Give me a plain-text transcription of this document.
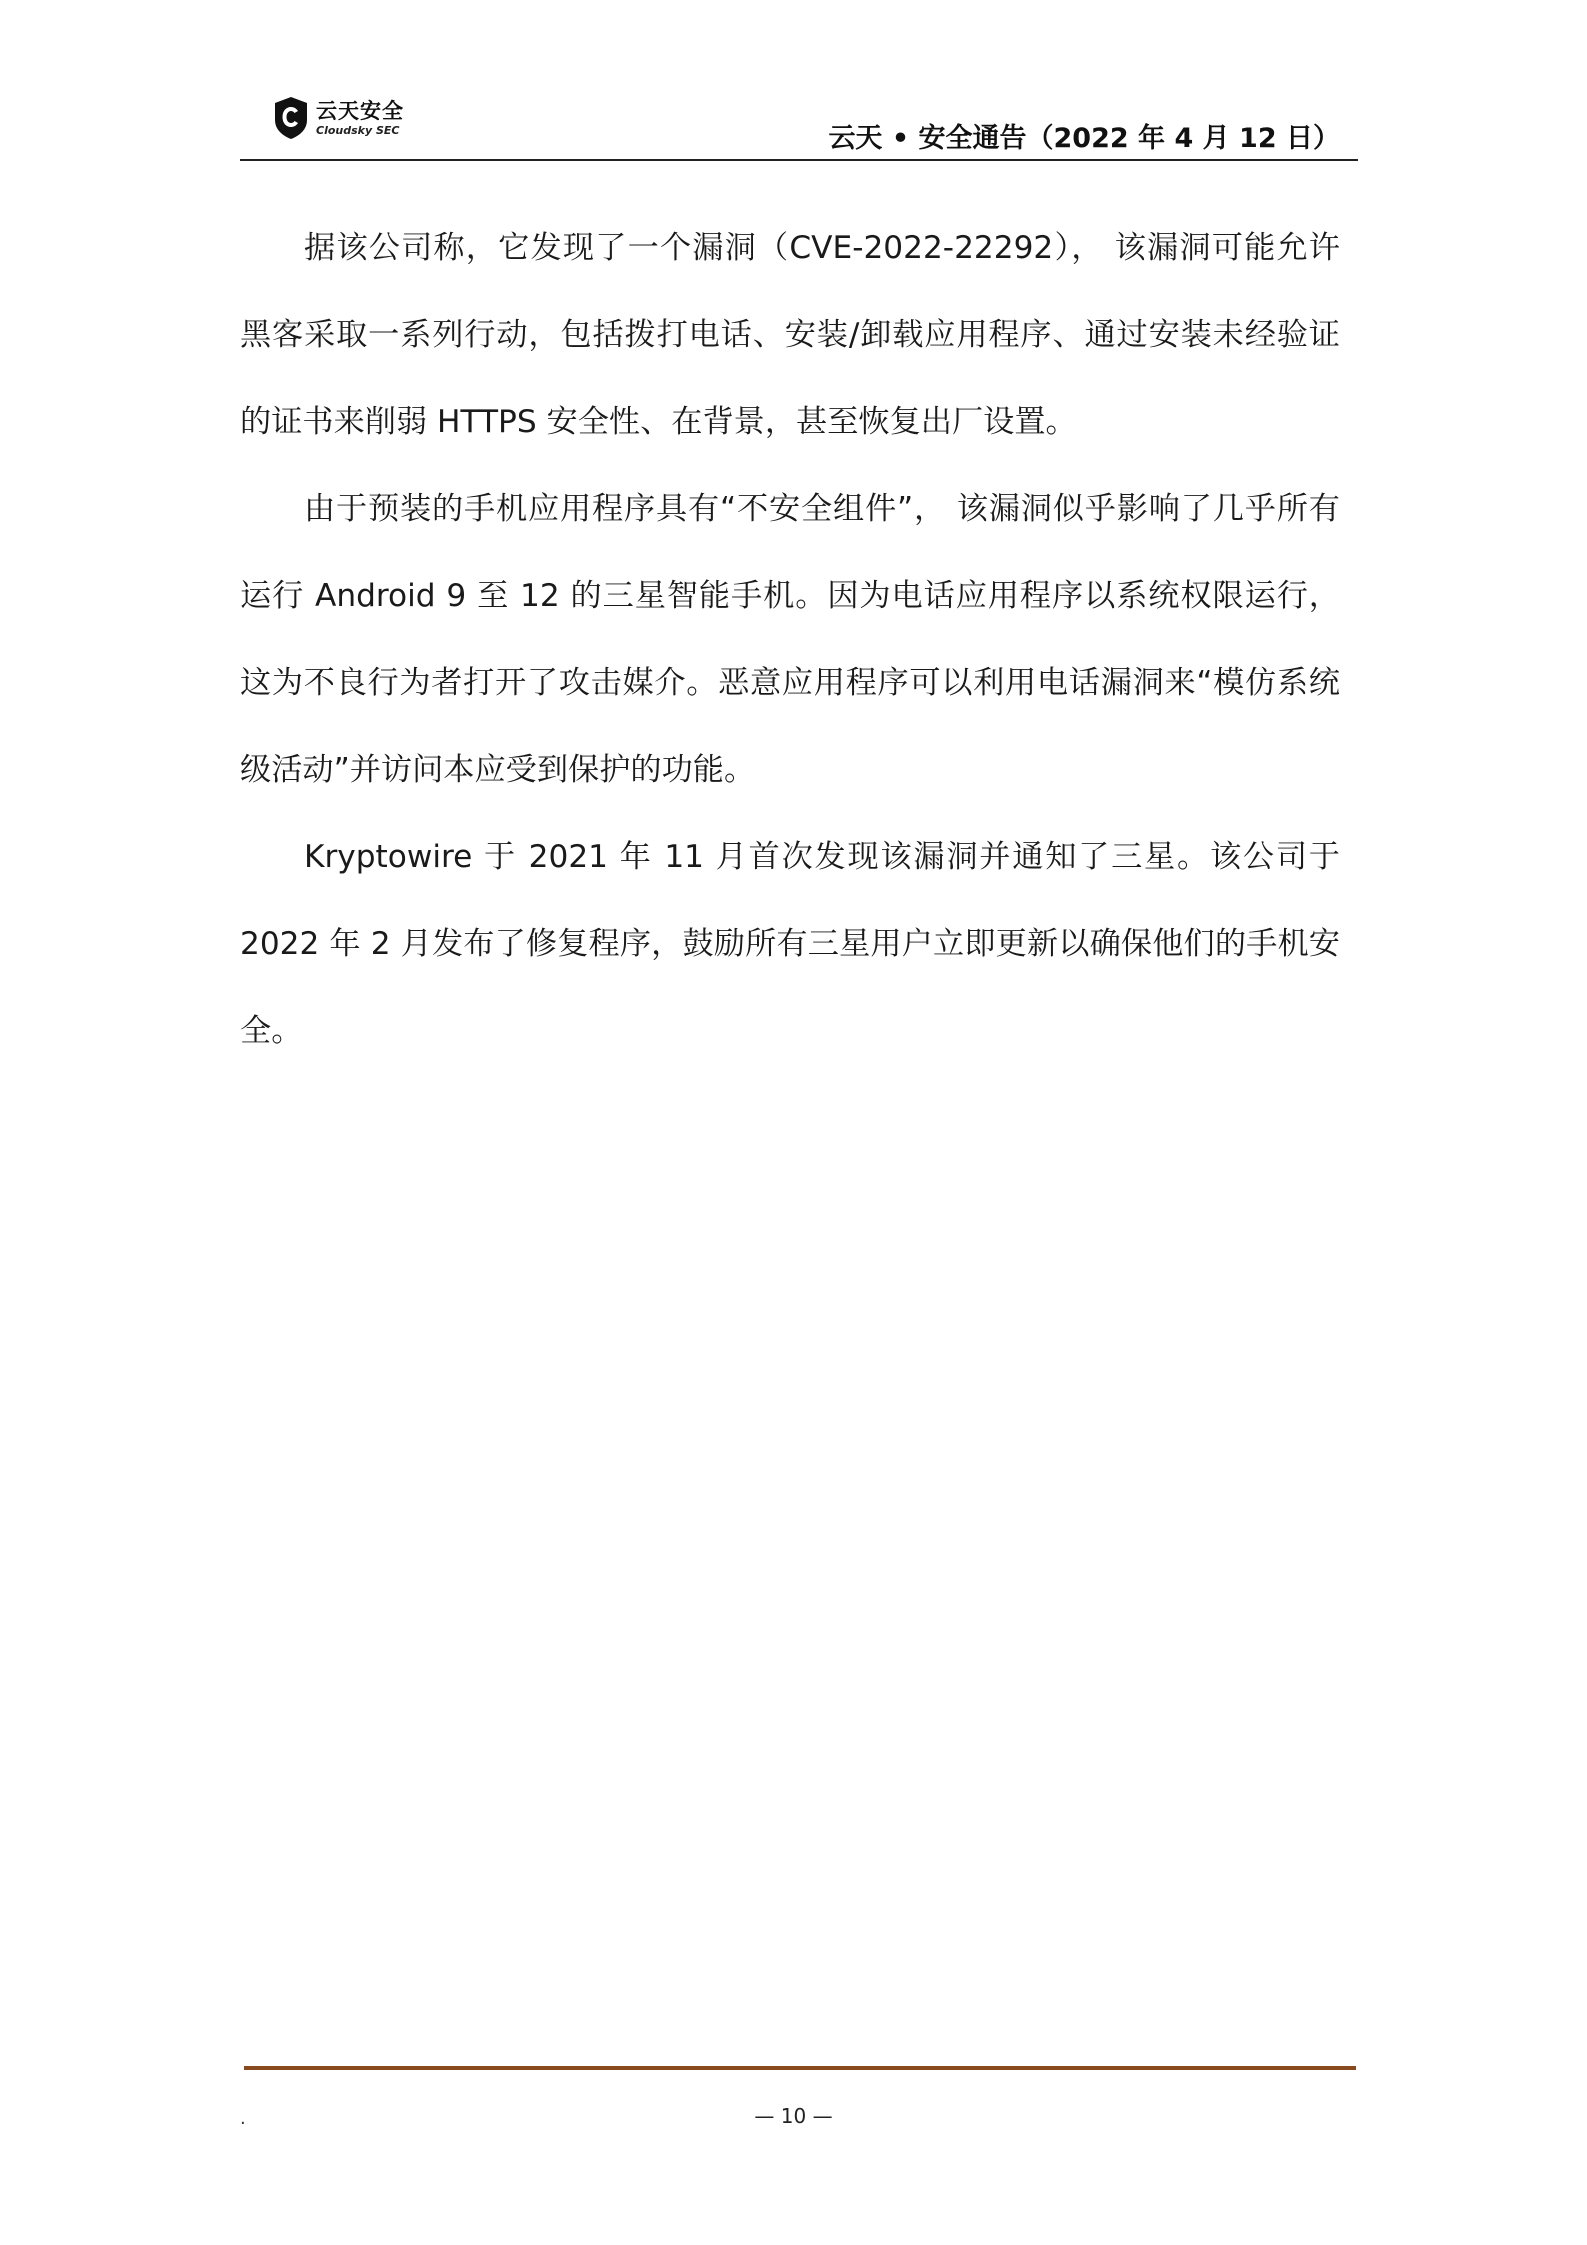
云天安全
Cloudsky SEC	云天 • 安全通告（2022 年 4 月 12 日）

据该公司称，它发现了一个漏洞（CVE-2022-22292）， 该漏洞可能允许黑客采取一系列行动，包括拨打电话、安装/卸载应用程序、通过安装未经验证的证书来削弱 HTTPS 安全性、在背景，甚至恢复出厂设置。

由于预装的手机应用程序具有“不安全组件”， 该漏洞似乎影响了几乎所有运行 Android 9 至 12 的三星智能手机。因为电话应用程序以系统权限运行，这为不良行为者打开了攻击媒介。恶意应用程序可以利用电话漏洞来“模仿系统级活动”并访问本应受到保护的功能。

Kryptowire 于 2021 年 11 月首次发现该漏洞并通知了三星。该公司于 2022 年 2 月发布了修复程序，鼓励所有三星用户立即更新以确保他们的手机安全。

.	— 10 —
